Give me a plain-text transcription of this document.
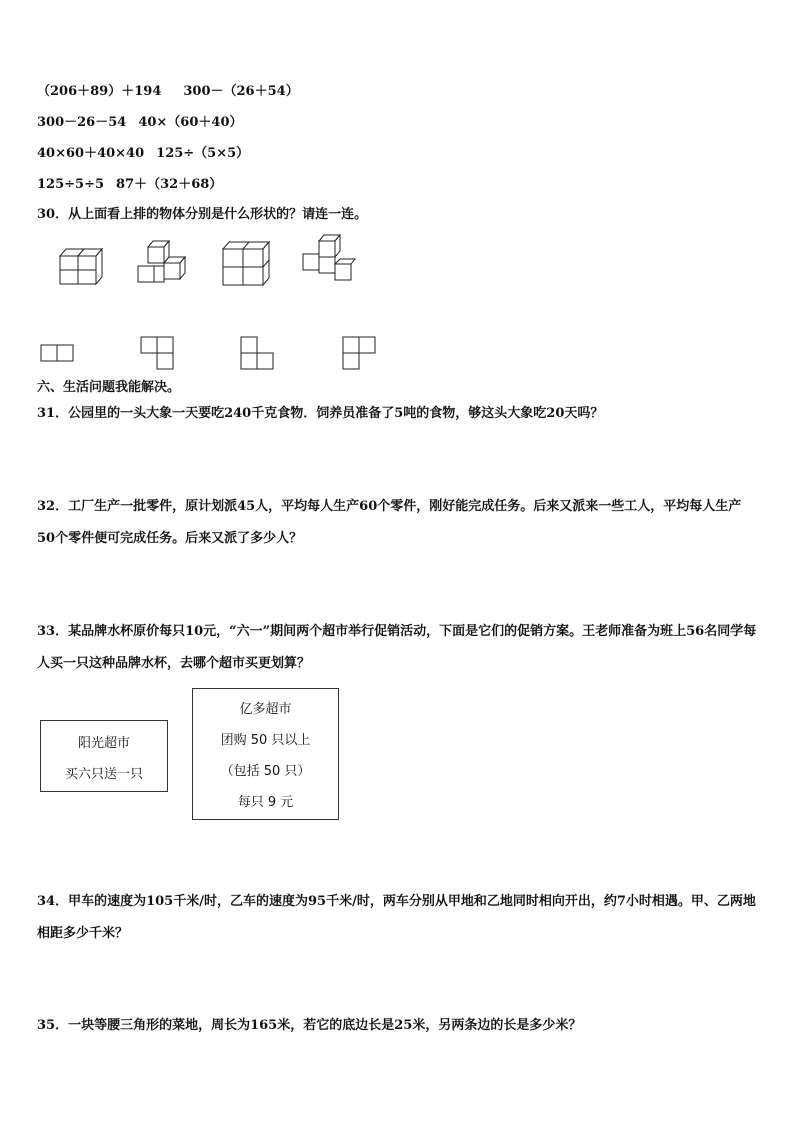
（206＋89）＋194 300－（26＋54）
300－26－54 40×（60＋40）
40×60＋40×40 125÷（5×5）
125÷5÷5 87＋（32＋68）
30．从上面看上排的物体分别是什么形状的？请连一连。
六、生活问题我能解决。
31．公园里的一头大象一天要吃240千克食物．饲养员准备了5吨的食物，够这头大象吃20天吗？
32．工厂生产一批零件，原计划派45人，平均每人生产60个零件，刚好能完成任务。后来又派来一些工人，平均每人生产50个零件便可完成任务。后来又派了多少人？
33．某品牌水杯原价每只10元，“六一”期间两个超市举行促销活动，下面是它们的促销方案。王老师准备为班上56名同学每人买一只这种品牌水杯，去哪个超市买更划算？
阳光超市
买六只送一只
亿多超市
团购 50 只以上
（包括 50 只）
每只 9 元
34．甲车的速度为105千米/时，乙车的速度为95千米/时，两车分别从甲地和乙地同时相向开出，约7小时相遇。甲、乙两地相距多少千米？
35．一块等腰三角形的菜地，周长为165米，若它的底边长是25米，另两条边的长是多少米？
